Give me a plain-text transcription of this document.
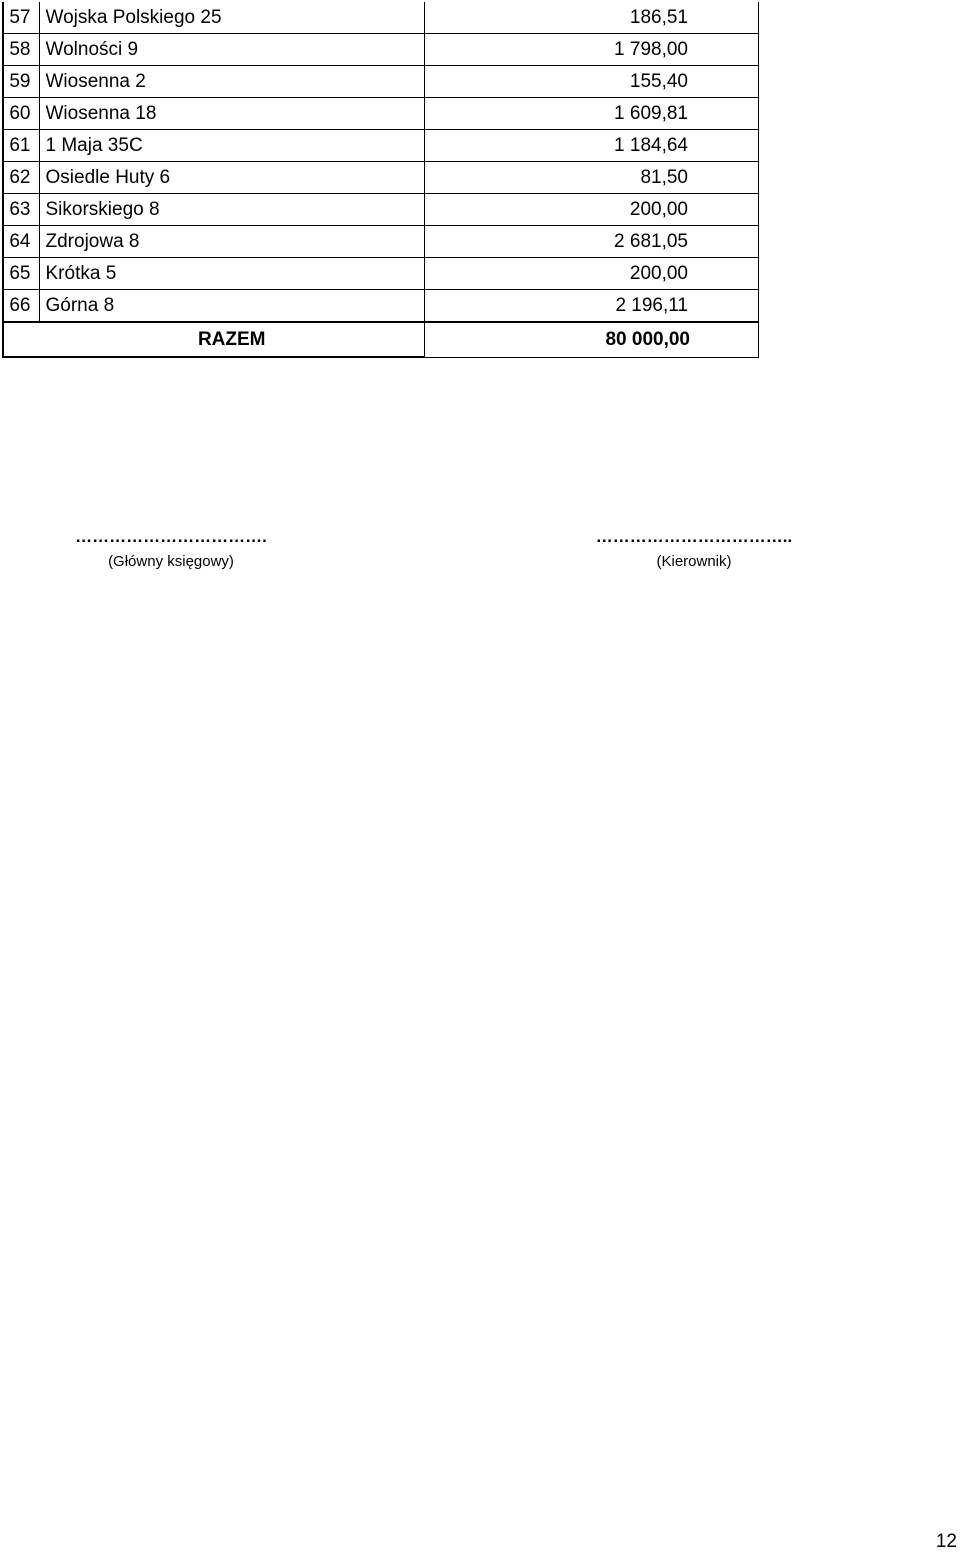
57	Wojska Polskiego 25	186,51
58	Wolności 9	1 798,00
59	Wiosenna 2	155,40
60	Wiosenna 18	1 609,81
61	1 Maja 35C	1 184,64
62	Osiedle Huty 6	81,50
63	Sikorskiego 8	200,00
64	Zdrojowa 8	2 681,05
65	Krótka 5	200,00
66	Górna 8	2 196,11
RAZEM		80 000,00
…………………………….
(Główny księgowy)
……………………………..
(Kierownik)
12
